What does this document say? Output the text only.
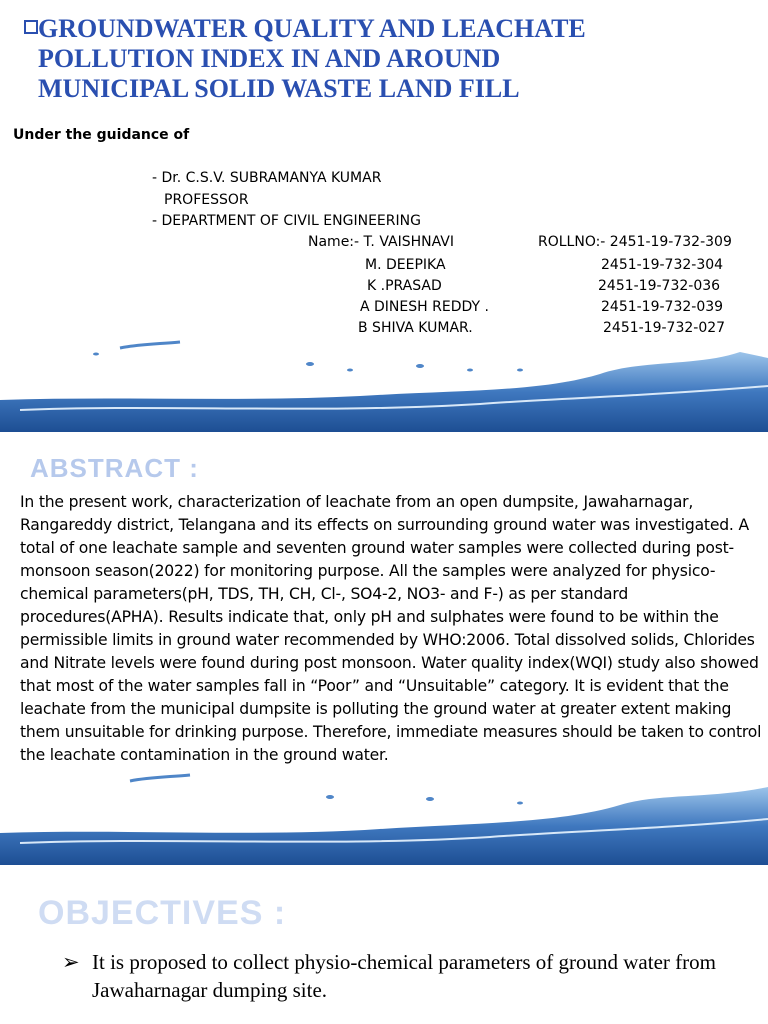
GROUNDWATER QUALITY AND LEACHATE
POLLUTION INDEX IN AND AROUND
MUNICIPAL SOLID WASTE LAND FILL
Under the guidance of
- Dr. C.S.V. SUBRAMANYA KUMAR
PROFESSOR
- DEPARTMENT OF CIVIL ENGINEERING
Name:- T. VAISHNAVI	ROLLNO:- 2451-19-732-309
M. DEEPIKA	2451-19-732-304
K .PRASAD	2451-19-732-036
A DINESH REDDY .	2451-19-732-039
B SHIVA KUMAR.	2451-19-732-027
ABSTRACT :
In the present work, characterization of leachate from an open dumpsite, Jawaharnagar, Rangareddy district, Telangana and its effects on surrounding ground water was investigated. A total of one leachate sample and seventen ground water samples were collected during post-monsoon season(2022) for monitoring purpose. All the samples were analyzed for physico-chemical parameters(pH, TDS, TH, CH, Cl-, SO4-2, NO3- and F-) as per standard procedures(APHA). Results indicate that, only pH and sulphates were found to be within the permissible limits in ground water recommended by WHO:2006. Total dissolved solids, Chlorides and Nitrate levels were found during post monsoon. Water quality index(WQI) study also showed that most of the water samples fall in “Poor” and “Unsuitable” category. It is evident that the leachate from the municipal dumpsite is polluting the ground water at greater extent making them unsuitable for drinking purpose. Therefore, immediate measures should be taken to control the leachate contamination in the ground water.
OBJECTIVES :
➢ It is proposed to collect physio-chemical parameters of ground water from Jawaharnagar dumping site.
